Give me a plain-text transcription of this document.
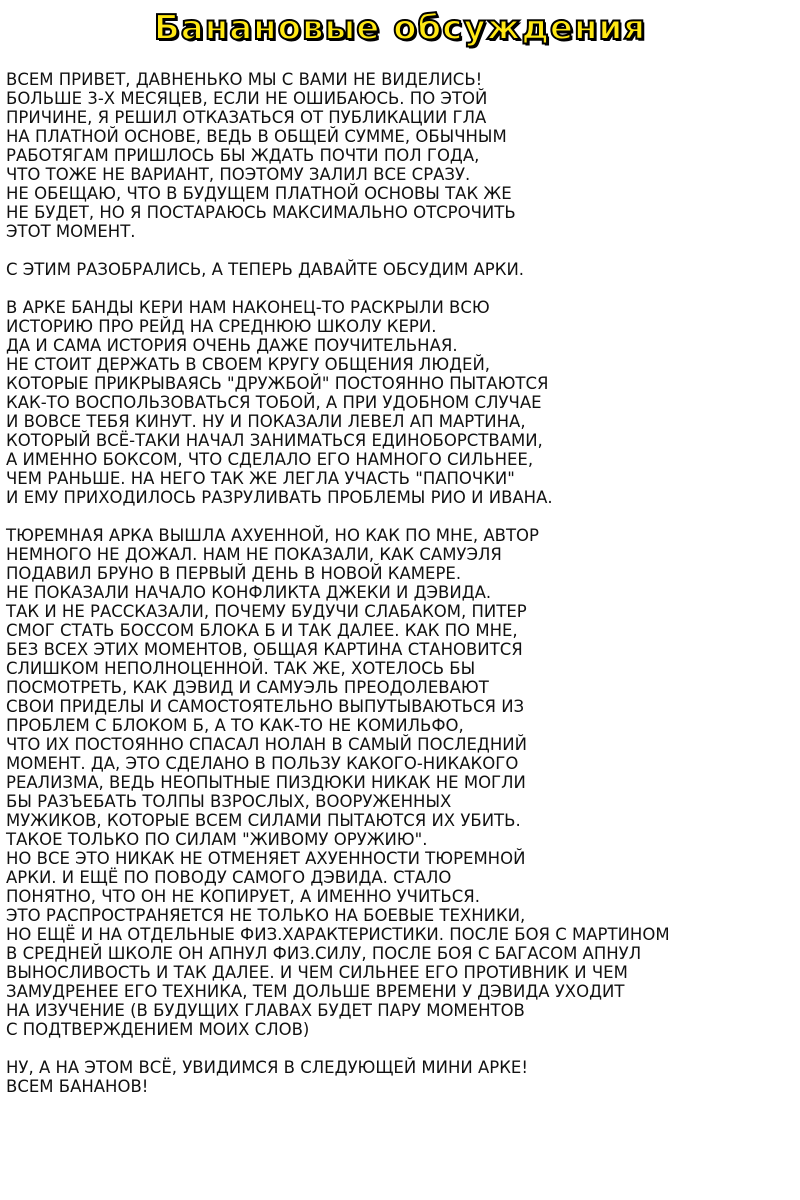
Банановые обсуждения
ВСЕМ ПРИВЕТ, ДАВНЕНЬКО МЫ С ВАМИ НЕ ВИДЕЛИСЬ!
БОЛЬШЕ 3-Х МЕСЯЦЕВ, ЕСЛИ НЕ ОШИБАЮСЬ. ПО ЭТОЙ
ПРИЧИНЕ, Я РЕШИЛ ОТКАЗАТЬСЯ ОТ ПУБЛИКАЦИИ ГЛА
НА ПЛАТНОЙ ОСНОВЕ, ВЕДЬ В ОБЩЕЙ СУММЕ, ОБЫЧНЫМ
РАБОТЯГАМ ПРИШЛОСЬ БЫ ЖДАТЬ ПОЧТИ ПОЛ ГОДА,
ЧТО ТОЖЕ НЕ ВАРИАНТ, ПОЭТОМУ ЗАЛИЛ ВСЕ СРАЗУ.
НЕ ОБЕЩАЮ, ЧТО В БУДУЩЕМ ПЛАТНОЙ ОСНОВЫ ТАК ЖЕ
НЕ БУДЕТ, НО Я ПОСТАРАЮСЬ МАКСИМАЛЬНО ОТСРОЧИТЬ
ЭТОТ МОМЕНТ.
С ЭТИМ РАЗОБРАЛИСЬ, А ТЕПЕРЬ ДАВАЙТЕ ОБСУДИМ АРКИ.
В АРКЕ БАНДЫ КЕРИ НАМ НАКОНЕЦ-ТО РАСКРЫЛИ ВСЮ
ИСТОРИЮ ПРО РЕЙД НА СРЕДНЮЮ ШКОЛУ КЕРИ.
ДА И САМА ИСТОРИЯ ОЧЕНЬ ДАЖЕ ПОУЧИТЕЛЬНАЯ.
НЕ СТОИТ ДЕРЖАТЬ В СВОЕМ КРУГУ ОБЩЕНИЯ ЛЮДЕЙ,
КОТОРЫЕ ПРИКРЫВАЯСЬ "ДРУЖБОЙ" ПОСТОЯННО ПЫТАЮТСЯ
КАК-ТО ВОСПОЛЬЗОВАТЬСЯ ТОБОЙ, А ПРИ УДОБНОМ СЛУЧАЕ
И ВОВСЕ ТЕБЯ КИНУТ. НУ И ПОКАЗАЛИ ЛЕВЕЛ АП МАРТИНА,
КОТОРЫЙ ВСЁ-ТАКИ НАЧАЛ ЗАНИМАТЬСЯ ЕДИНОБОРСТВАМИ,
А ИМЕННО БОКСОМ, ЧТО СДЕЛАЛО ЕГО НАМНОГО СИЛЬНЕЕ,
ЧЕМ РАНЬШЕ. НА НЕГО ТАК ЖЕ ЛЕГЛА УЧАСТЬ "ПАПОЧКИ"
И ЕМУ ПРИХОДИЛОСЬ РАЗРУЛИВАТЬ ПРОБЛЕМЫ РИО И ИВАНА.
ТЮРЕМНАЯ АРКА ВЫШЛА АХУЕННОЙ, НО КАК ПО МНЕ, АВТОР
НЕМНОГО НЕ ДОЖАЛ. НАМ НЕ ПОКАЗАЛИ, КАК САМУЭЛЯ
ПОДАВИЛ БРУНО В ПЕРВЫЙ ДЕНЬ В НОВОЙ КАМЕРЕ.
НЕ ПОКАЗАЛИ НАЧАЛО КОНФЛИКТА ДЖЕКИ И ДЭВИДА.
ТАК И НЕ РАССКАЗАЛИ, ПОЧЕМУ БУДУЧИ СЛАБАКОМ, ПИТЕР
СМОГ СТАТЬ БОССОМ БЛОКА Б И ТАК ДАЛЕЕ. КАК ПО МНЕ,
БЕЗ ВСЕХ ЭТИХ МОМЕНТОВ, ОБЩАЯ КАРТИНА СТАНОВИТСЯ
СЛИШКОМ НЕПОЛНОЦЕННОЙ. ТАК ЖЕ, ХОТЕЛОСЬ БЫ
ПОСМОТРЕТЬ, КАК ДЭВИД И САМУЭЛЬ ПРЕОДОЛЕВАЮТ
СВОИ ПРИДЕЛЫ И САМОСТОЯТЕЛЬНО ВЫПУТЫВАЮТЬСЯ ИЗ
ПРОБЛЕМ С БЛОКОМ Б, А ТО КАК-ТО НЕ КОМИЛЬФО,
ЧТО ИХ ПОСТОЯННО СПАСАЛ НОЛАН В САМЫЙ ПОСЛЕДНИЙ
МОМЕНТ. ДА, ЭТО СДЕЛАНО В ПОЛЬЗУ КАКОГО-НИКАКОГО
РЕАЛИЗМА, ВЕДЬ НЕОПЫТНЫЕ ПИЗДЮКИ НИКАК НЕ МОГЛИ
БЫ РАЗЪЕБАТЬ ТОЛПЫ ВЗРОСЛЫХ, ВООРУЖЕННЫХ
МУЖИКОВ, КОТОРЫЕ ВСЕМ СИЛАМИ ПЫТАЮТСЯ ИХ УБИТЬ.
ТАКОЕ ТОЛЬКО ПО СИЛАМ "ЖИВОМУ ОРУЖИЮ".
НО ВСЕ ЭТО НИКАК НЕ ОТМЕНЯЕТ АХУЕННОСТИ ТЮРЕМНОЙ
АРКИ. И ЕЩЁ ПО ПОВОДУ САМОГО ДЭВИДА. СТАЛО
ПОНЯТНО, ЧТО ОН НЕ КОПИРУЕТ, А ИМЕННО УЧИТЬСЯ.
ЭТО РАСПРОСТРАНЯЕТСЯ НЕ ТОЛЬКО НА БОЕВЫЕ ТЕХНИКИ,
НО ЕЩЁ И НА ОТДЕЛЬНЫЕ ФИЗ.ХАРАКТЕРИСТИКИ. ПОСЛЕ БОЯ С МАРТИНОМ
В СРЕДНЕЙ ШКОЛЕ ОН АПНУЛ ФИЗ.СИЛУ, ПОСЛЕ БОЯ С БАГАСОМ АПНУЛ
ВЫНОСЛИВОСТЬ И ТАК ДАЛЕЕ. И ЧЕМ СИЛЬНЕЕ ЕГО ПРОТИВНИК И ЧЕМ
ЗАМУДРЕНЕЕ ЕГО ТЕХНИКА, ТЕМ ДОЛЬШЕ ВРЕМЕНИ У ДЭВИДА УХОДИТ
НА ИЗУЧЕНИЕ (В БУДУЩИХ ГЛАВАХ БУДЕТ ПАРУ МОМЕНТОВ
С ПОДТВЕРЖДЕНИЕМ МОИХ СЛОВ)
НУ, А НА ЭТОМ ВСЁ, УВИДИМСЯ В СЛЕДУЮЩЕЙ МИНИ АРКЕ!
ВСЕМ БАНАНОВ!
